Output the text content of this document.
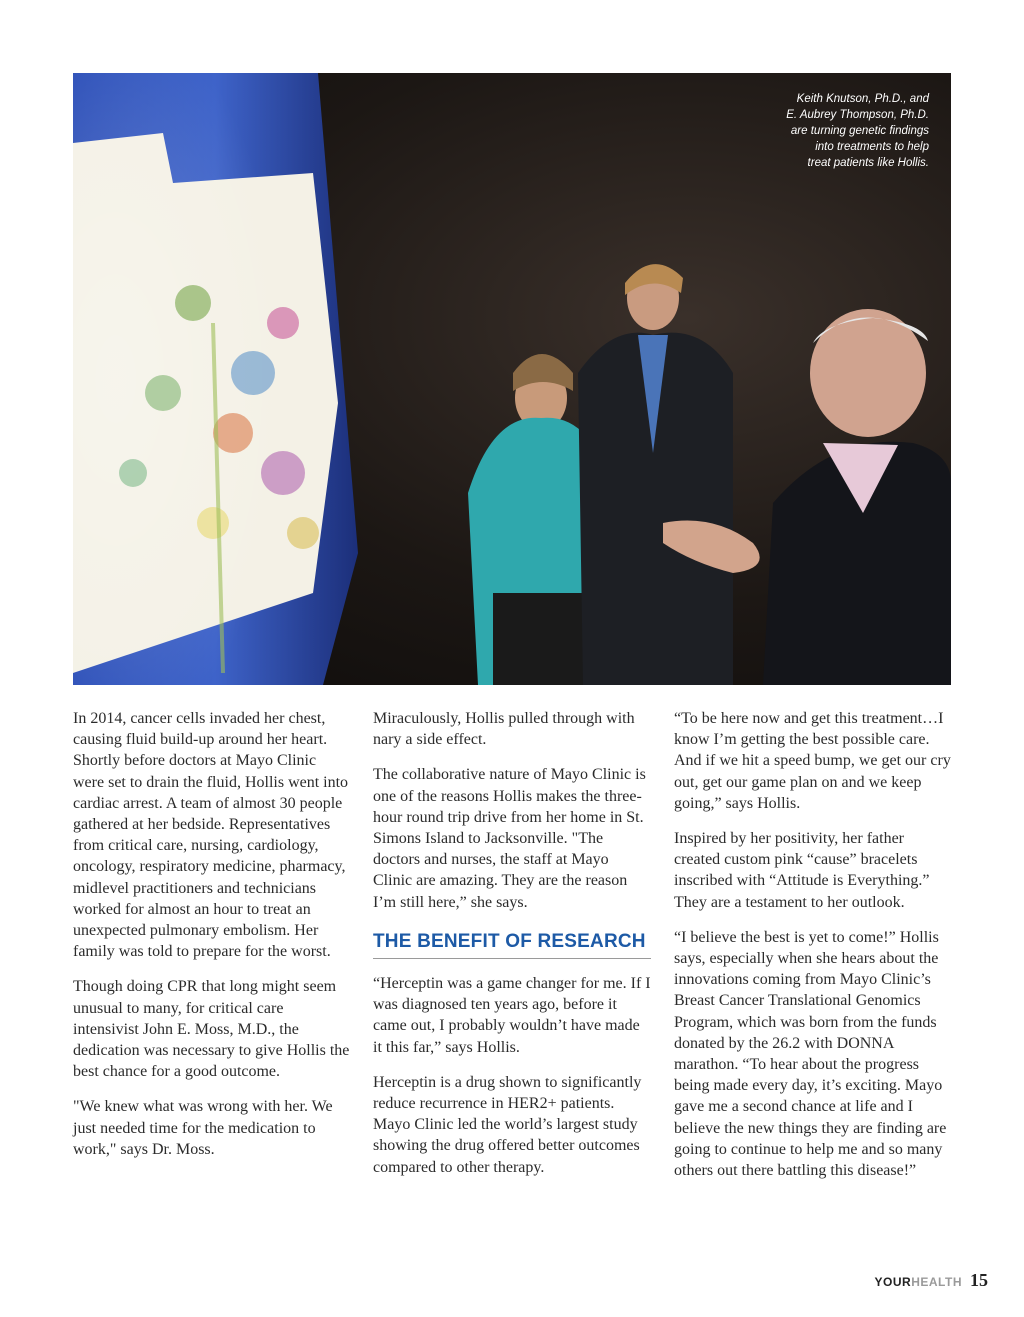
Keith Knutson, Ph.D., and
E. Aubrey Thompson, Ph.D.
are turning genetic findings
into treatments to help
treat patients like Hollis.

In 2014, cancer cells invaded her chest, causing fluid build-up around her heart. Shortly before doctors at Mayo Clinic were set to drain the fluid, Hollis went into cardiac arrest. A team of almost 30 people gathered at her bedside. Representatives from critical care, nursing, cardiology, oncology, respiratory medicine, pharmacy, midlevel practitioners and technicians worked for almost an hour to treat an unexpected pulmonary embolism. Her family was told to prepare for the worst.

Though doing CPR that long might seem unusual to many, for critical care intensivist John E. Moss, M.D., the dedication was necessary to give Hollis the best chance for a good outcome.

"We knew what was wrong with her. We just needed time for the medication to work," says Dr. Moss.

Miraculously, Hollis pulled through with nary a side effect.

The collaborative nature of Mayo Clinic is one of the reasons Hollis makes the three-hour round trip drive from her home in St. Simons Island to Jacksonville. "The doctors and nurses, the staff at Mayo Clinic are amazing. They are the reason I’m still here,” she says.

THE BENEFIT OF RESEARCH

“Herceptin was a game changer for me. If I was diagnosed ten years ago, before it came out, I probably wouldn’t have made it this far,” says Hollis.

Herceptin is a drug shown to significantly reduce recurrence in HER2+ patients. Mayo Clinic led the world’s largest study showing the drug offered better outcomes compared to other therapy.

“To be here now and get this treatment…I know I’m getting the best possible care. And if we hit a speed bump, we get our cry out, get our game plan on and we keep going,” says Hollis.

Inspired by her positivity, her father created custom pink “cause” bracelets inscribed with “Attitude is Everything.” They are a testament to her outlook.

“I believe the best is yet to come!” Hollis says, especially when she hears about the innovations coming from Mayo Clinic’s Breast Cancer Translational Genomics Program, which was born from the funds donated by the 26.2 with DONNA marathon. “To hear about the progress being made every day, it’s exciting. Mayo gave me a second chance at life and I believe the new things they are finding are going to continue to help me and so many others out there battling this disease!”

YOURHEALTH 15
